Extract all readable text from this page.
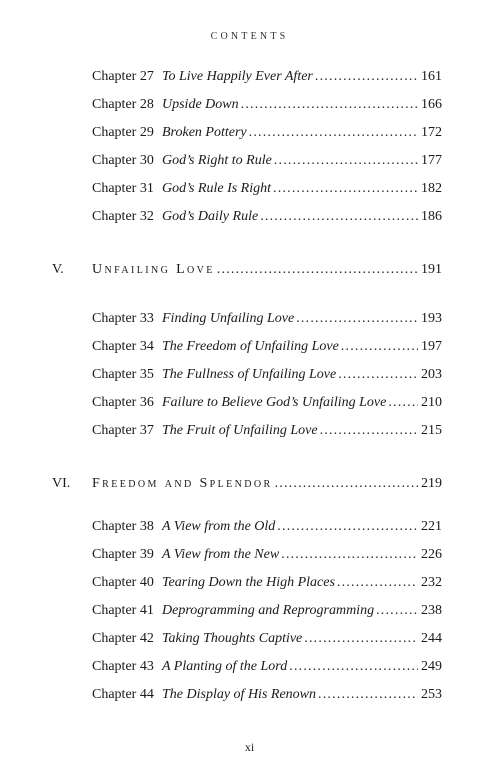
CONTENTS
Chapter 27 To Live Happily Ever After .....	161
Chapter 28 Upside Down .....	166
Chapter 29 Broken Pottery .....	172
Chapter 30 God’s Right to Rule .....	177
Chapter 31 God’s Rule Is Right .....	182
Chapter 32 God’s Daily Rule .....	186
V.	Unfailing Love .....	191
Chapter 33 Finding Unfailing Love .....	193
Chapter 34 The Freedom of Unfailing Love .....	197
Chapter 35 The Fullness of Unfailing Love .....	203
Chapter 36 Failure to Believe God’s Unfailing Love ..... 210
Chapter 37 The Fruit of Unfailing Love .....	215
VI.	Freedom and Splendor .....	219
Chapter 38 A View from the Old .....	221
Chapter 39 A View from the New .....	226
Chapter 40 Tearing Down the High Places .....	232
Chapter 41 Deprogramming and Reprogramming .....	238
Chapter 42 Taking Thoughts Captive .....	244
Chapter 43 A Planting of the Lord .....	249
Chapter 44 The Display of His Renown .....	253
xi
